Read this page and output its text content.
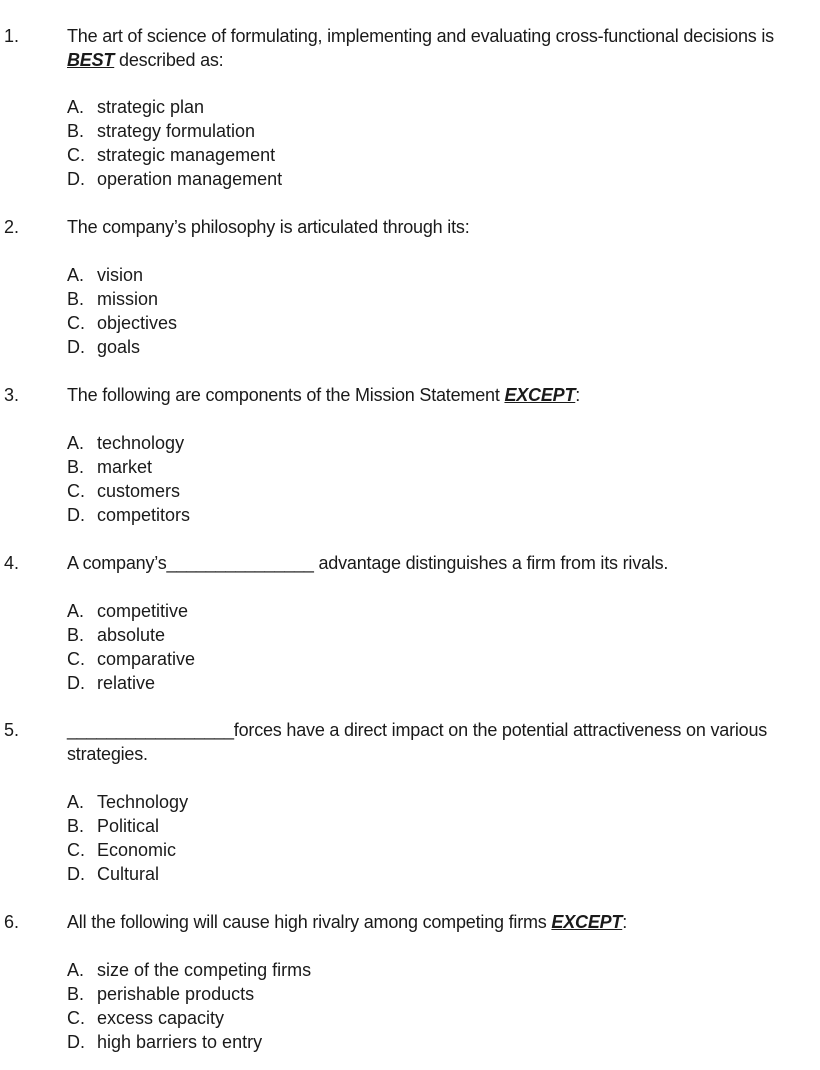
1.	The art of science of formulating, implementing and evaluating cross-functional decisions is BEST described as:
A. strategic plan
B. strategy formulation
C. strategic management
D. operation management
2.	The company’s philosophy is articulated through its:
A. vision
B. mission
C. objectives
D. goals
3.	The following are components of the Mission Statement EXCEPT:
A. technology
B. market
C. customers
D. competitors
4.	A company’s_______________ advantage distinguishes a firm from its rivals.
A. competitive
B. absolute
C. comparative
D. relative
5.	_________________forces have a direct impact on the potential attractiveness on various strategies.
A. Technology
B. Political
C. Economic
D. Cultural
6.	All the following will cause high rivalry among competing firms EXCEPT:
A. size of the competing firms
B. perishable products
C. excess capacity
D. high barriers to entry
